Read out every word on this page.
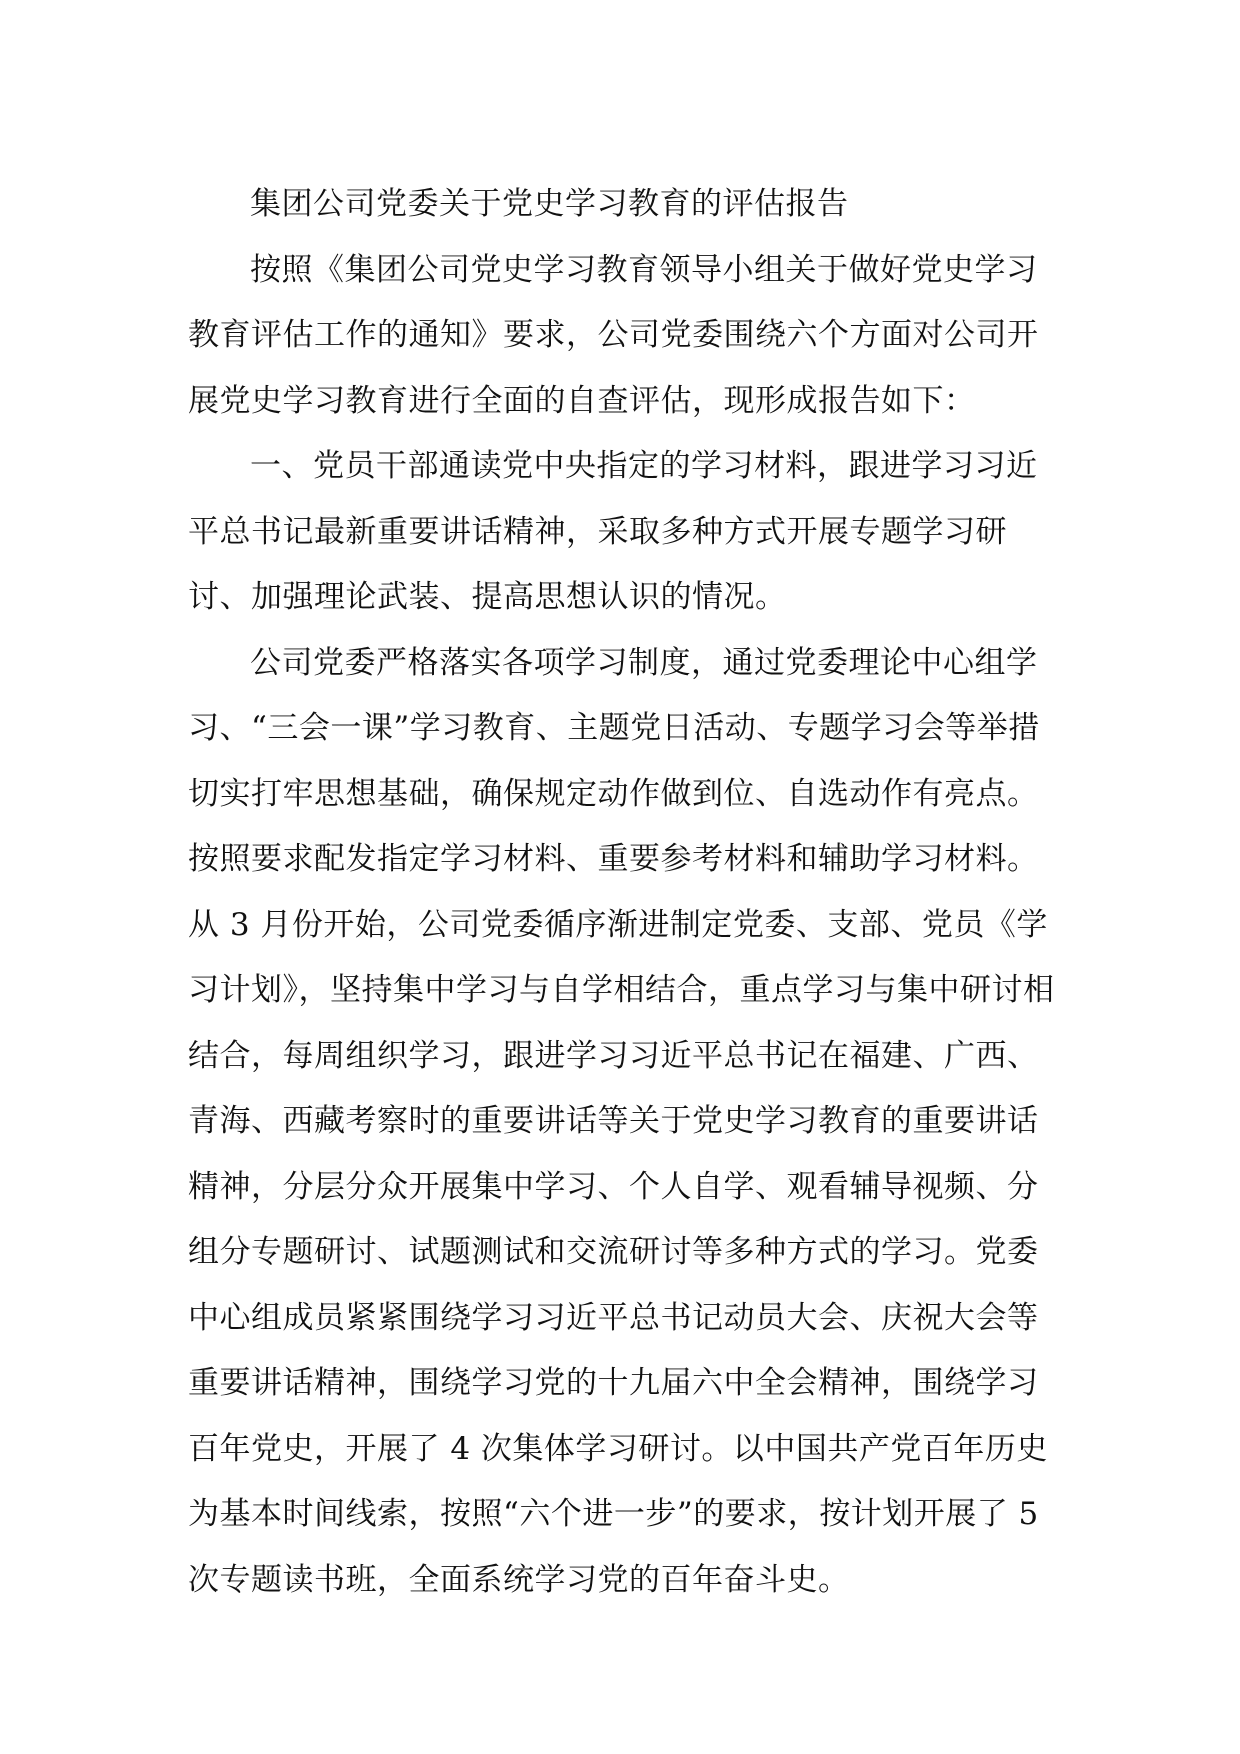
集团公司党委关于党史学习教育的评估报告

按照《集团公司党史学习教育领导小组关于做好党史学习教育评估工作的通知》要求，公司党委围绕六个方面对公司开展党史学习教育进行全面的自查评估，现形成报告如下：

一、党员干部通读党中央指定的学习材料，跟进学习习近平总书记最新重要讲话精神，采取多种方式开展专题学习研讨、加强理论武装、提高思想认识的情况。

公司党委严格落实各项学习制度，通过党委理论中心组学习、“三会一课”学习教育、主题党日活动、专题学习会等举措切实打牢思想基础，确保规定动作做到位、自选动作有亮点。按照要求配发指定学习材料、重要参考材料和辅助学习材料。

从 3 月份开始，公司党委循序渐进制定党委、支部、党员《学习计划》，坚持集中学习与自学相结合，重点学习与集中研讨相结合，每周组织学习，跟进学习习近平总书记在福建、广西、青海、西藏考察时的重要讲话等关于党史学习教育的重要讲话精神，分层分众开展集中学习、个人自学、观看辅导视频、分组分专题研讨、试题测试和交流研讨等多种方式的学习。党委中心组成员紧紧围绕学习习近平总书记动员大会、庆祝大会等重要讲话精神，围绕学习党的十九届六中全会精神，围绕学习百年党史，开展了 4 次集体学习研讨。以中国共产党百年历史为基本时间线索，按照“六个进一步”的要求，按计划开展了 5 次专题读书班，全面系统学习党的百年奋斗史。
